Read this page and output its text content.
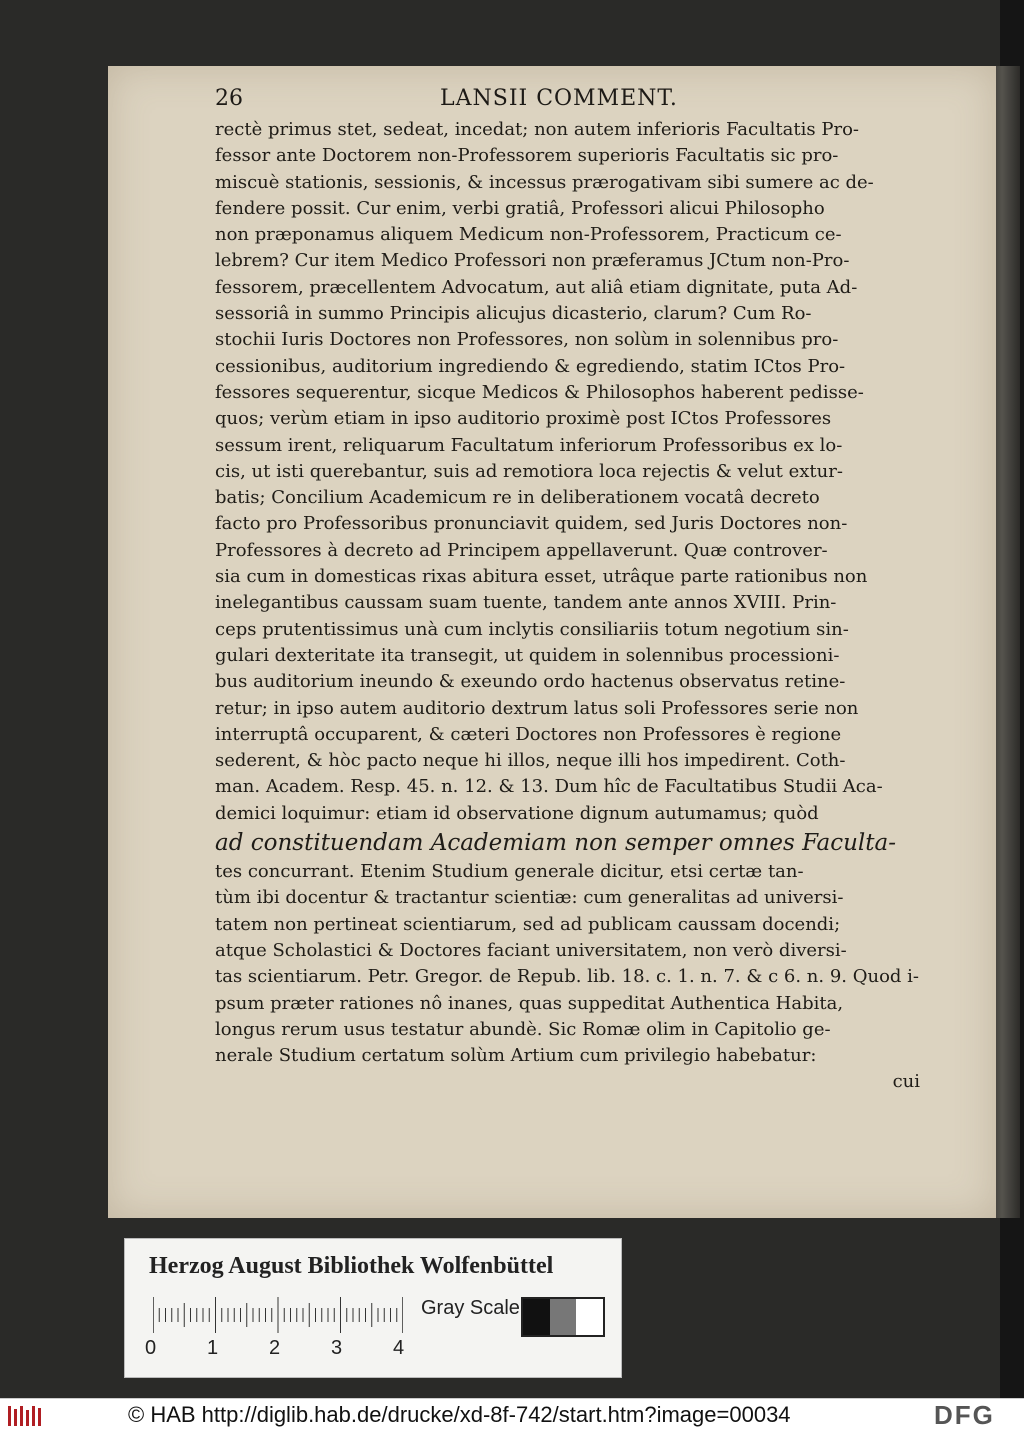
26	LANSII COMMENT.
rectè primus stet, sedeat, incedat; non autem inferioris Facultatis Pro-
fessor ante Doctorem non-Professorem superioris Facultatis sic pro-
miscuè stationis, sessionis, & incessus prærogativam sibi sumere ac de-
fendere possit. Cur enim, verbi gratiâ, Professori alicui Philosopho
non præponamus aliquem Medicum non-Professorem, Practicum ce-
lebrem? Cur item Medico Professori non præferamus JCtum non-Pro-
fessorem, præcellentem Advocatum, aut aliâ etiam dignitate, puta Ad-
sessoriâ in summo Principis alicujus dicasterio, clarum? Cum Ro-
stochii Iuris Doctores non Professores, non solùm in solennibus pro-
cessionibus, auditorium ingrediendo & egrediendo, statim ICtos Pro-
fessores sequerentur, sicque Medicos & Philosophos haberent pedisse-
quos; verùm etiam in ipso auditorio proximè post ICtos Professores
sessum irent, reliquarum Facultatum inferiorum Professoribus ex lo-
cis, ut isti querebantur, suis ad remotiora loca rejectis & velut extur-
batis; Concilium Academicum re in deliberationem vocatâ decreto
facto pro Professoribus pronunciavit quidem, sed Juris Doctores non-
Professores à decreto ad Principem appellaverunt. Quæ controver-
sia cum in domesticas rixas abitura esset, utrâque parte rationibus non
inelegantibus caussam suam tuente, tandem ante annos XVIII. Prin-
ceps prutentissimus unà cum inclytis consiliariis totum negotium sin-
gulari dexteritate ita transegit, ut quidem in solennibus processioni-
bus auditorium ineundo & exeundo ordo hactenus observatus retine-
retur; in ipso autem auditorio dextrum latus soli Professores serie non
interruptâ occuparent, & cæteri Doctores non Professores è regione
sederent, & hòc pacto neque hi illos, neque illi hos impedirent. Coth-
man. Academ. Resp. 45. n. 12. & 13. Dum hîc de Facultatibus Studii Aca-
demici loquimur: etiam id observatione dignum autumamus; quòd
ad constituendam Academiam non semper omnes Faculta-
tes concurrant. Etenim Studium generale dicitur, etsi certæ tan-
tùm ibi docentur & tractantur scientiæ: cum generalitas ad universi-
tatem non pertineat scientiarum, sed ad publicam caussam docendi;
atque Scholastici & Doctores faciant universitatem, non verò diversi-
tas scientiarum. Petr. Gregor. de Repub. lib. 18. c. 1. n. 7. & c 6. n. 9. Quod i-
psum præter rationes nô inanes, quas suppeditat Authentica Habita,
longus rerum usus testatur abundè. Sic Romæ olim in Capitolio ge-
nerale Studium certatum solùm Artium cum privilegio habebatur:
cui
Herzog August Bibliothek Wolfenbüttel
0	1	2	3	4
Gray Scale
© HAB http://diglib.hab.de/drucke/xd-8f-742/start.htm?image=00034	DFG
